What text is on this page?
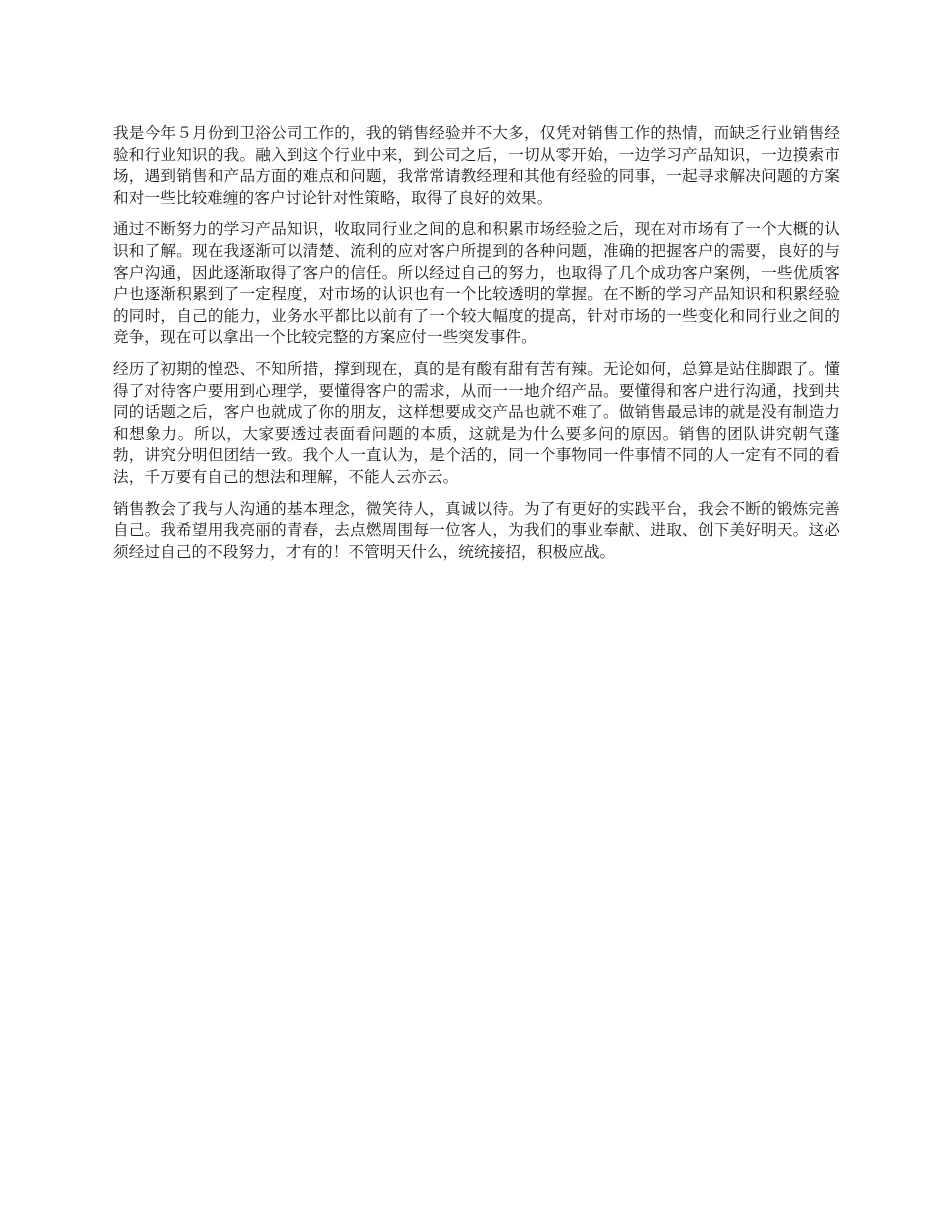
我是今年５月份到卫浴公司工作的，我的销售经验并不大多，仅凭对销售工作的热情，而缺乏行业销售经验和行业知识的我。融入到这个行业中来，到公司之后，一切从零开始，一边学习产品知识，一边摸索市场，遇到销售和产品方面的难点和问题，我常常请教经理和其他有经验的同事，一起寻求解决问题的方案和对一些比较难缠的客户讨论针对性策略，取得了良好的效果。

通过不断努力的学习产品知识，收取同行业之间的息和积累市场经验之后，现在对市场有了一个大概的认识和了解。现在我逐渐可以清楚、流利的应对客户所提到的各种问题，准确的把握客户的需要，良好的与客户沟通，因此逐渐取得了客户的信任。所以经过自己的努力，也取得了几个成功客户案例，一些优质客户也逐渐积累到了一定程度，对市场的认识也有一个比较透明的掌握。在不断的学习产品知识和积累经验的同时，自己的能力，业务水平都比以前有了一个较大幅度的提高，针对市场的一些变化和同行业之间的竞争，现在可以拿出一个比较完整的方案应付一些突发事件。

经历了初期的惶恐、不知所措，撑到现在，真的是有酸有甜有苦有辣。无论如何，总算是站住脚跟了。懂得了对待客户要用到心理学，要懂得客户的需求，从而一一地介绍产品。要懂得和客户进行沟通，找到共同的话题之后，客户也就成了你的朋友，这样想要成交产品也就不难了。做销售最忌讳的就是没有制造力和想象力。所以，大家要透过表面看问题的本质，这就是为什么要多问的原因。销售的团队讲究朝气蓬勃，讲究分明但团结一致。我个人一直认为，是个活的，同一个事物同一件事情不同的人一定有不同的看法，千万要有自己的想法和理解，不能人云亦云。

销售教会了我与人沟通的基本理念，微笑待人，真诚以待。为了有更好的实践平台，我会不断的锻炼完善自己。我希望用我亮丽的青春，去点燃周围每一位客人，为我们的事业奉献、进取、创下美好明天。这必须经过自己的不段努力，才有的！不管明天什么，统统接招，积极应战。
